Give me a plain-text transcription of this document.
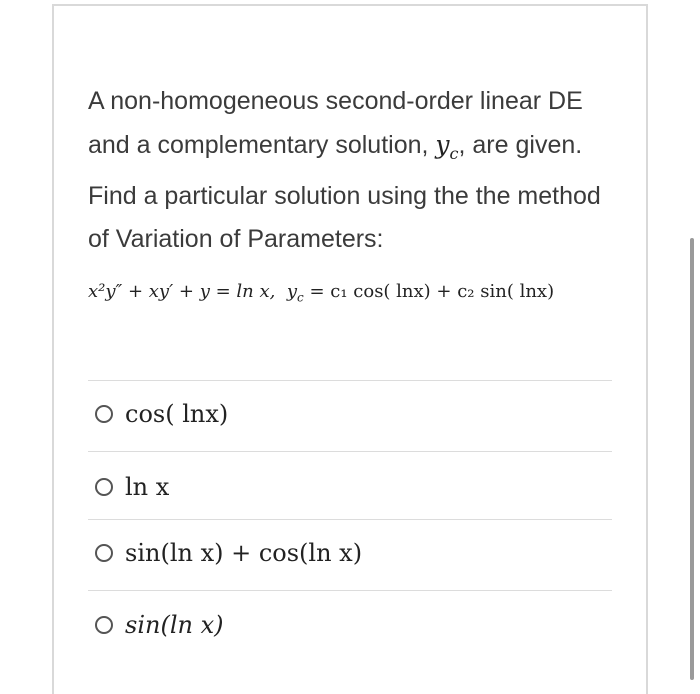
A non-homogeneous second-order linear DE and a complementary solution, $y_c$, are given. Find a particular solution using the the method of Variation of Parameters:
x²y″ + xy′ + y = ln x, $y_c = c_1$ cos( lnx) + c₂ sin( lnx)
cos( lnx)
ln x
sin(ln x) + cos(ln x)
sin(ln x)
